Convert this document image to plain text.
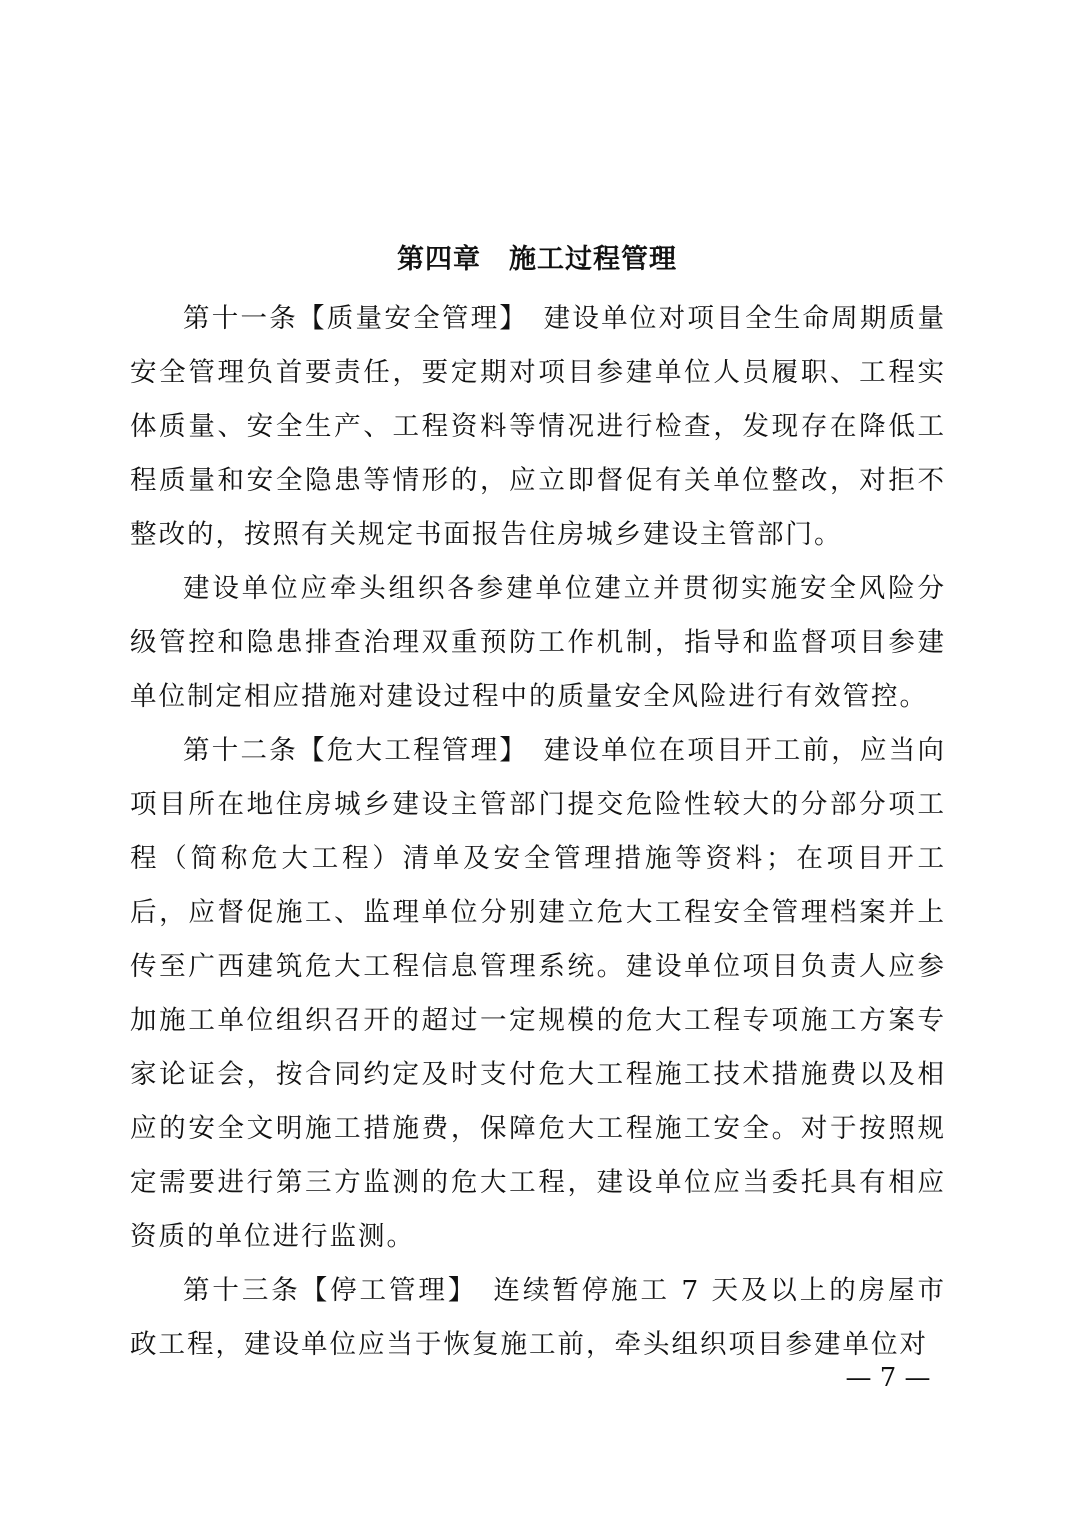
第四章　施工过程管理

第十一条【质量安全管理】　建设单位对项目全生命周期质量安全管理负首要责任，要定期对项目参建单位人员履职、工程实体质量、安全生产、工程资料等情况进行检查，发现存在降低工程质量和安全隐患等情形的，应立即督促有关单位整改，对拒不整改的，按照有关规定书面报告住房城乡建设主管部门。

建设单位应牵头组织各参建单位建立并贯彻实施安全风险分级管控和隐患排查治理双重预防工作机制，指导和监督项目参建单位制定相应措施对建设过程中的质量安全风险进行有效管控。

第十二条【危大工程管理】　建设单位在项目开工前，应当向项目所在地住房城乡建设主管部门提交危险性较大的分部分项工程（简称危大工程）清单及安全管理措施等资料；在项目开工后，应督促施工、监理单位分别建立危大工程安全管理档案并上传至广西建筑危大工程信息管理系统。建设单位项目负责人应参加施工单位组织召开的超过一定规模的危大工程专项施工方案专家论证会，按合同约定及时支付危大工程施工技术措施费以及相应的安全文明施工措施费，保障危大工程施工安全。对于按照规定需要进行第三方监测的危大工程，建设单位应当委托具有相应资质的单位进行监测。

第十三条【停工管理】　连续暂停施工 7 天及以上的房屋市政工程，建设单位应当于恢复施工前，牵头组织项目参建单位对

— 7 —
